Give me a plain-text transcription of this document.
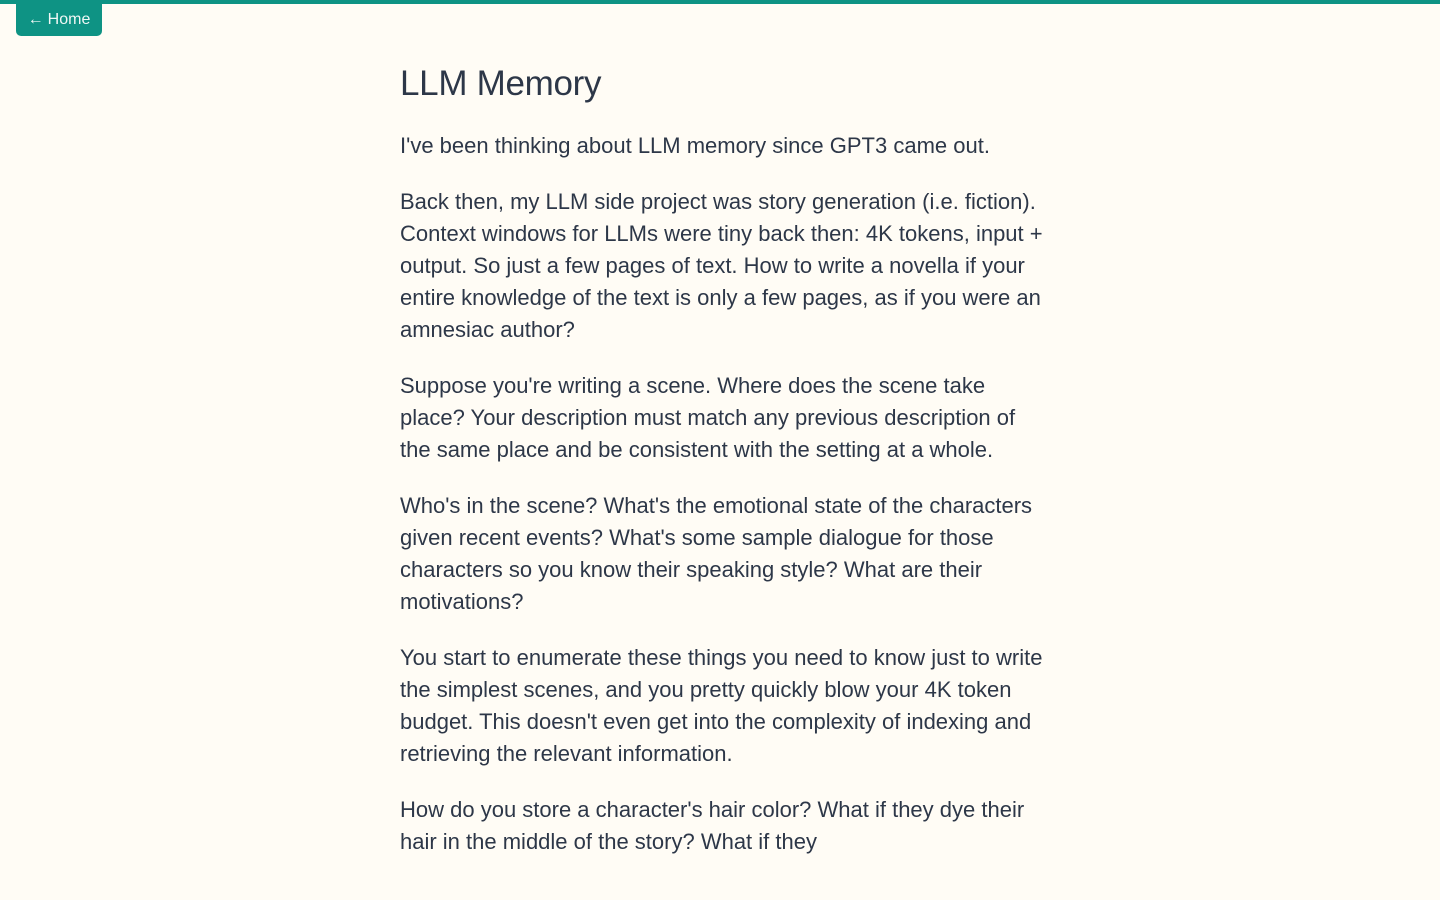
← Home
LLM Memory

I've been thinking about LLM memory since GPT3 came out.

Back then, my LLM side project was story generation (i.e. fiction). Context windows for LLMs were tiny back then: 4K tokens, input + output. So just a few pages of text. How to write a novella if your entire knowledge of the text is only a few pages, as if you were an amnesiac author?

Suppose you're writing a scene. Where does the scene take place? Your description must match any previous description of the same place and be consistent with the setting at a whole.

Who's in the scene? What's the emotional state of the characters given recent events? What's some sample dialogue for those characters so you know their speaking style? What are their motivations?

You start to enumerate these things you need to know just to write the simplest scenes, and you pretty quickly blow your 4K token budget. This doesn't even get into the complexity of indexing and retrieving the relevant information.

How do you store a character's hair color? What if they dye their hair in the middle of the story? What if they
